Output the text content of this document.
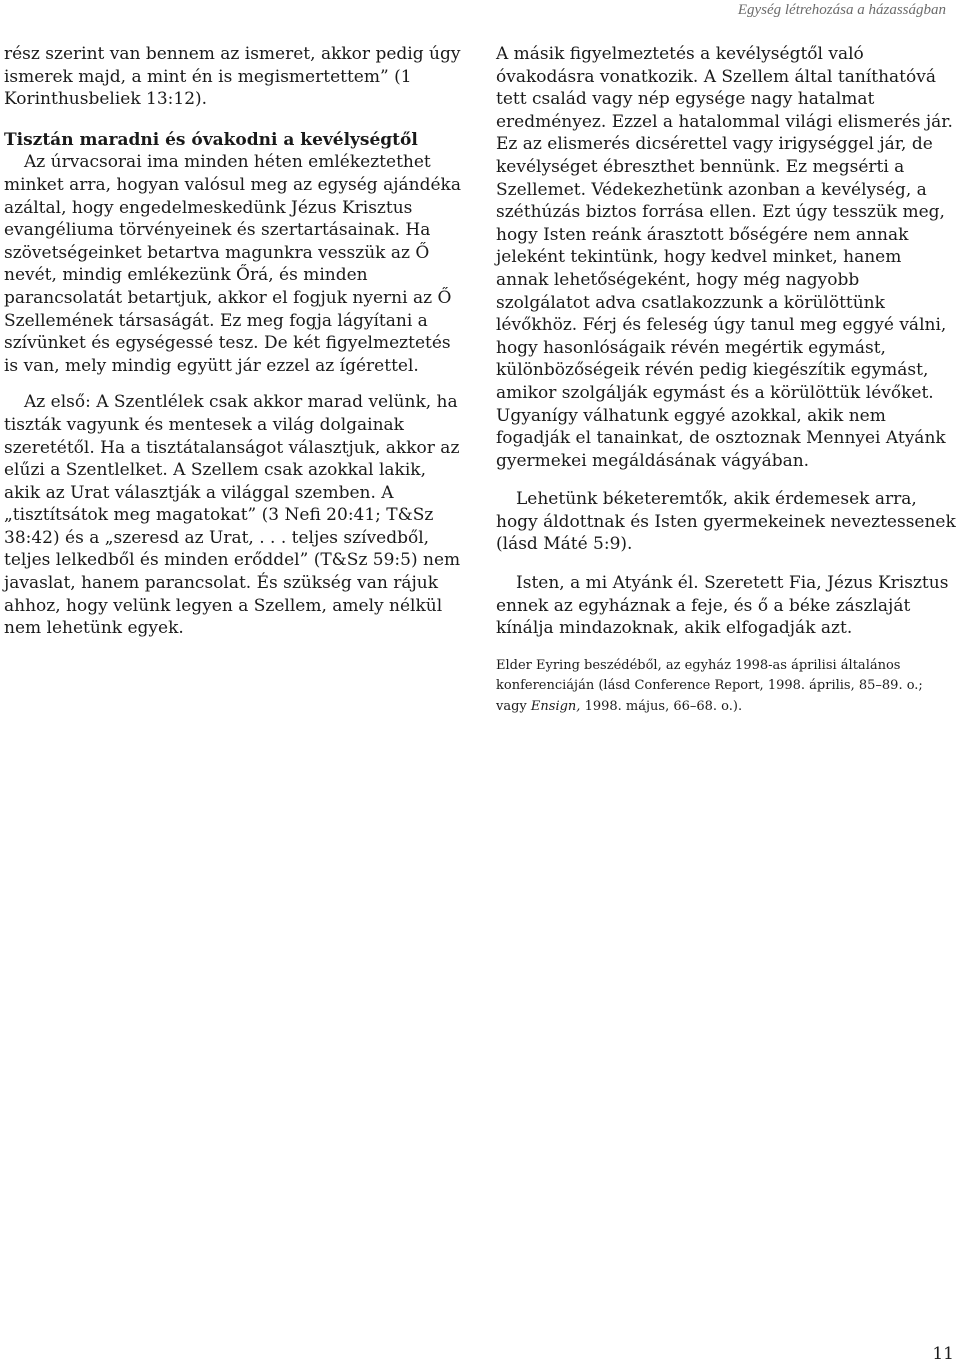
Egység létrehozása a házasságban

rész szerint van bennem az ismeret, akkor pedig úgy ismerek majd, a mint én is megismertettem” (1 Korinthusbeliek 13:12).

Tisztán maradni és óvakodni a kevélységtől

Az úrvacsorai ima minden héten emlékeztethet minket arra, hogyan valósul meg az egység ajándéka azáltal, hogy engedelmeskedünk Jézus Krisztus evangéliuma törvényeinek és szertartásainak. Ha szövetségeinket betartva magunkra vesszük az Ő nevét, mindig emlékezünk Őrá, és minden parancsolatát betartjuk, akkor el fogjuk nyerni az Ő Szellemének társaságát. Ez meg fogja lágyítani a szívünket és egységessé tesz. De két figyelmeztetés is van, mely mindig együtt jár ezzel az ígérettel.

Az első: A Szentlélek csak akkor marad velünk, ha tiszták vagyunk és mentesek a világ dolgainak szeretétől. Ha a tisztátalanságot választjuk, akkor az elűzi a Szentlelket. A Szellem csak azokkal lakik, akik az Urat választják a világgal szemben. A „tisztítsátok meg magatokat” (3 Nefi 20:41; T&Sz 38:42) és a „szeresd az Urat, . . . teljes szívedből, teljes lelkedből és minden erőddel” (T&Sz 59:5) nem javaslat, hanem parancsolat. És szükség van rájuk ahhoz, hogy velünk legyen a Szellem, amely nélkül nem lehetünk egyek.

A másik figyelmeztetés a kevélységtől való óvakodásra vonatkozik. A Szellem által taníthatóvá tett család vagy nép egysége nagy hatalmat eredményez. Ezzel a hatalommal világi elismerés jár. Ez az elismerés dicsérettel vagy irigységgel jár, de kevélységet ébreszthet bennünk. Ez megsérti a Szellemet. Védekezhetünk azonban a kevélység, a széthúzás biztos forrása ellen. Ezt úgy tesszük meg, hogy Isten reánk árasztott bőségére nem annak jeleként tekintünk, hogy kedvel minket, hanem annak lehetőségeként, hogy még nagyobb szolgálatot adva csatlakozzunk a körülöttünk lévőkhöz. Férj és feleség úgy tanul meg eggyé válni, hogy hasonlóságaik révén megértik egymást, különbözőségeik révén pedig kiegészítik egymást, amikor szolgálják egymást és a körülöttük lévőket. Ugyanígy válhatunk eggyé azokkal, akik nem fogadják el tanainkat, de osztoznak Mennyei Atyánk gyermekei megáldásának vágyában.

Lehetünk béketeremtők, akik érdemesek arra, hogy áldottnak és Isten gyermekeinek neveztessenek (lásd Máté 5:9).

Isten, a mi Atyánk él. Szeretett Fia, Jézus Krisztus ennek az egyháznak a feje, és ő a béke zászlaját kínálja mindazoknak, akik elfogadják azt.

Elder Eyring beszédéből, az egyház 1998-as áprilisi általános konferenciáján (lásd Conference Report, 1998. április, 85–89. o.; vagy Ensign, 1998. május, 66–68. o.).

11
